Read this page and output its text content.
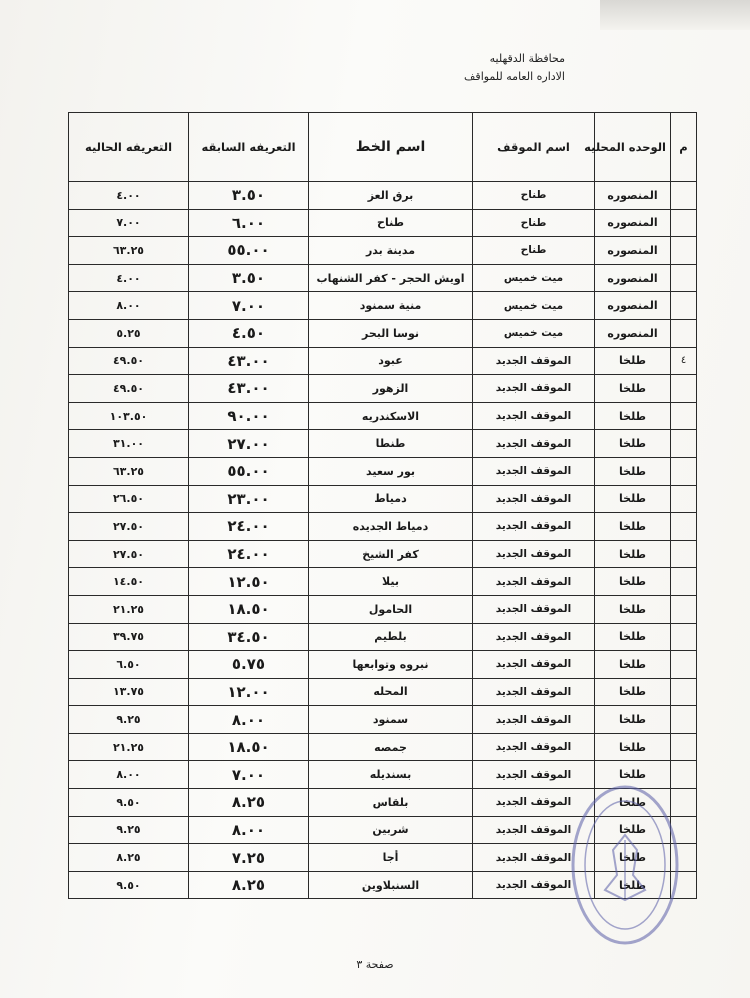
محافظة الدقهليه
الاداره العامه للمواقف
م	الوحده المحليه	اسم الموقف	اسم الخط	التعريفه السابقه	التعريفه الحاليه
	المنصوره	طناح	برق العز	٣.٥٠	٤.٠٠
	المنصوره	طناح	طناح	٦.٠٠	٧.٠٠
	المنصوره	طناح	مدينة بدر	٥٥.٠٠	٦٣.٢٥
	المنصوره	ميت خميس	اويش الحجر - كفر الشنهاب	٣.٥٠	٤.٠٠
	المنصوره	ميت خميس	منية سمنود	٧.٠٠	٨.٠٠
	المنصوره	ميت خميس	نوسا البحر	٤.٥٠	٥.٢٥
٤	طلخا	الموقف الجديد	عبود	٤٣.٠٠	٤٩.٥٠
	طلخا	الموقف الجديد	الزهور	٤٣.٠٠	٤٩.٥٠
	طلخا	الموقف الجديد	الاسكندريه	٩٠.٠٠	١٠٣.٥٠
	طلخا	الموقف الجديد	طنطا	٢٧.٠٠	٣١.٠٠
	طلخا	الموقف الجديد	بور سعيد	٥٥.٠٠	٦٣.٢٥
	طلخا	الموقف الجديد	دمياط	٢٣.٠٠	٢٦.٥٠
	طلخا	الموقف الجديد	دمياط الجديده	٢٤.٠٠	٢٧.٥٠
	طلخا	الموقف الجديد	كفر الشيخ	٢٤.٠٠	٢٧.٥٠
	طلخا	الموقف الجديد	بيلا	١٢.٥٠	١٤.٥٠
	طلخا	الموقف الجديد	الحامول	١٨.٥٠	٢١.٢٥
	طلخا	الموقف الجديد	بلطيم	٣٤.٥٠	٣٩.٧٥
	طلخا	الموقف الجديد	نبروه وتوابعها	٥.٧٥	٦.٥٠
	طلخا	الموقف الجديد	المحله	١٢.٠٠	١٣.٧٥
	طلخا	الموقف الجديد	سمنود	٨.٠٠	٩.٢٥
	طلخا	الموقف الجديد	جمصه	١٨.٥٠	٢١.٢٥
	طلخا	الموقف الجديد	بسنديله	٧.٠٠	٨.٠٠
	طلخا	الموقف الجديد	بلقاس	٨.٢٥	٩.٥٠
	طلخا	الموقف الجديد	شربين	٨.٠٠	٩.٢٥
	طلخا	الموقف الجديد	أجا	٧.٢٥	٨.٢٥
	طلخا	الموقف الجديد	السنبلاوين	٨.٢٥	٩.٥٠
صفحة ٣
